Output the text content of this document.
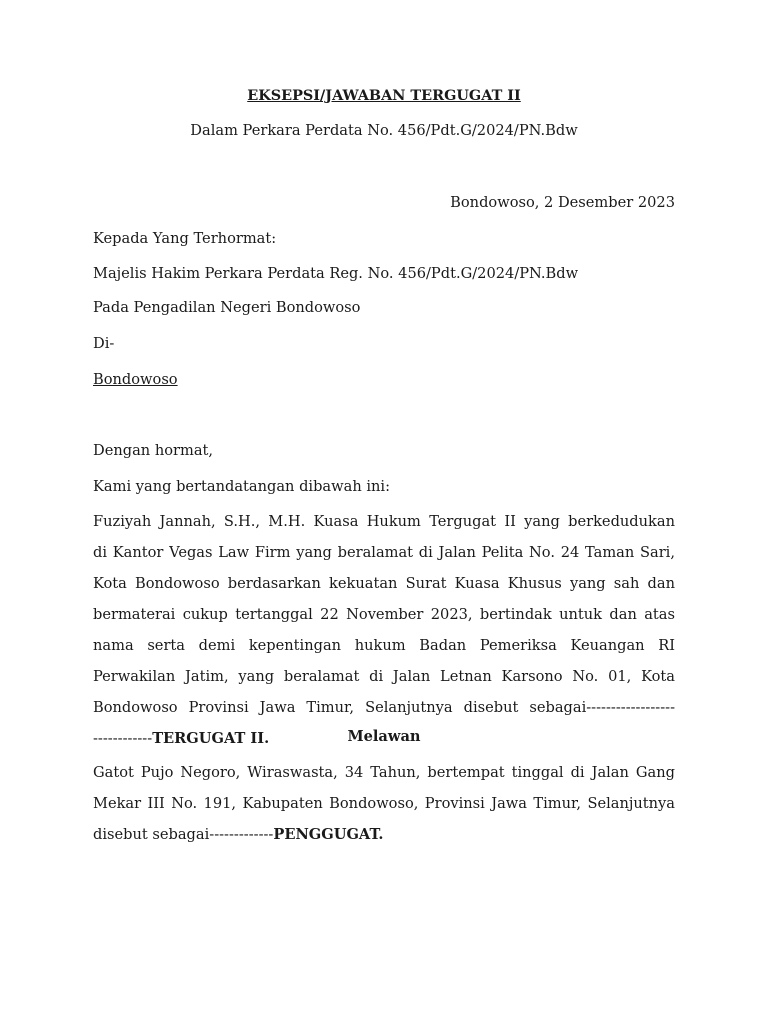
EKSEPSI/JAWABAN TERGUGAT II
Dalam Perkara Perdata No. 456/Pdt.G/2024/PN.Bdw
Bondowoso, 2 Desember 2023
Kepada Yang Terhormat:
Majelis Hakim Perkara Perdata Reg. No. 456/Pdt.G/2024/PN.Bdw
Pada Pengadilan Negeri Bondowoso
Di-
Bondowoso
Dengan hormat,
Kami yang bertandatangan dibawah ini:
Fuziyah Jannah, S.H., M.H. Kuasa Hukum Tergugat II yang berkedudukan
di Kantor Vegas Law Firm yang beralamat di Jalan Pelita No. 24 Taman Sari,
Kota Bondowoso berdasarkan kekuatan Surat Kuasa Khusus yang sah dan
bermaterai cukup tertanggal 22 November 2023, bertindak untuk dan atas
nama serta demi kepentingan hukum Badan Pemeriksa Keuangan RI
Perwakilan Jatim, yang beralamat di Jalan Letnan Karsono No. 01, Kota
Bondowoso Provinsi Jawa Timur, Selanjutnya disebut sebagai------------------
------------TERGUGAT II.	Melawan
Gatot Pujo Negoro, Wiraswasta, 34 Tahun, bertempat tinggal di Jalan Gang
Mekar III No. 191, Kabupaten Bondowoso, Provinsi Jawa Timur, Selanjutnya
disebut sebagai-------------PENGGUGAT.
